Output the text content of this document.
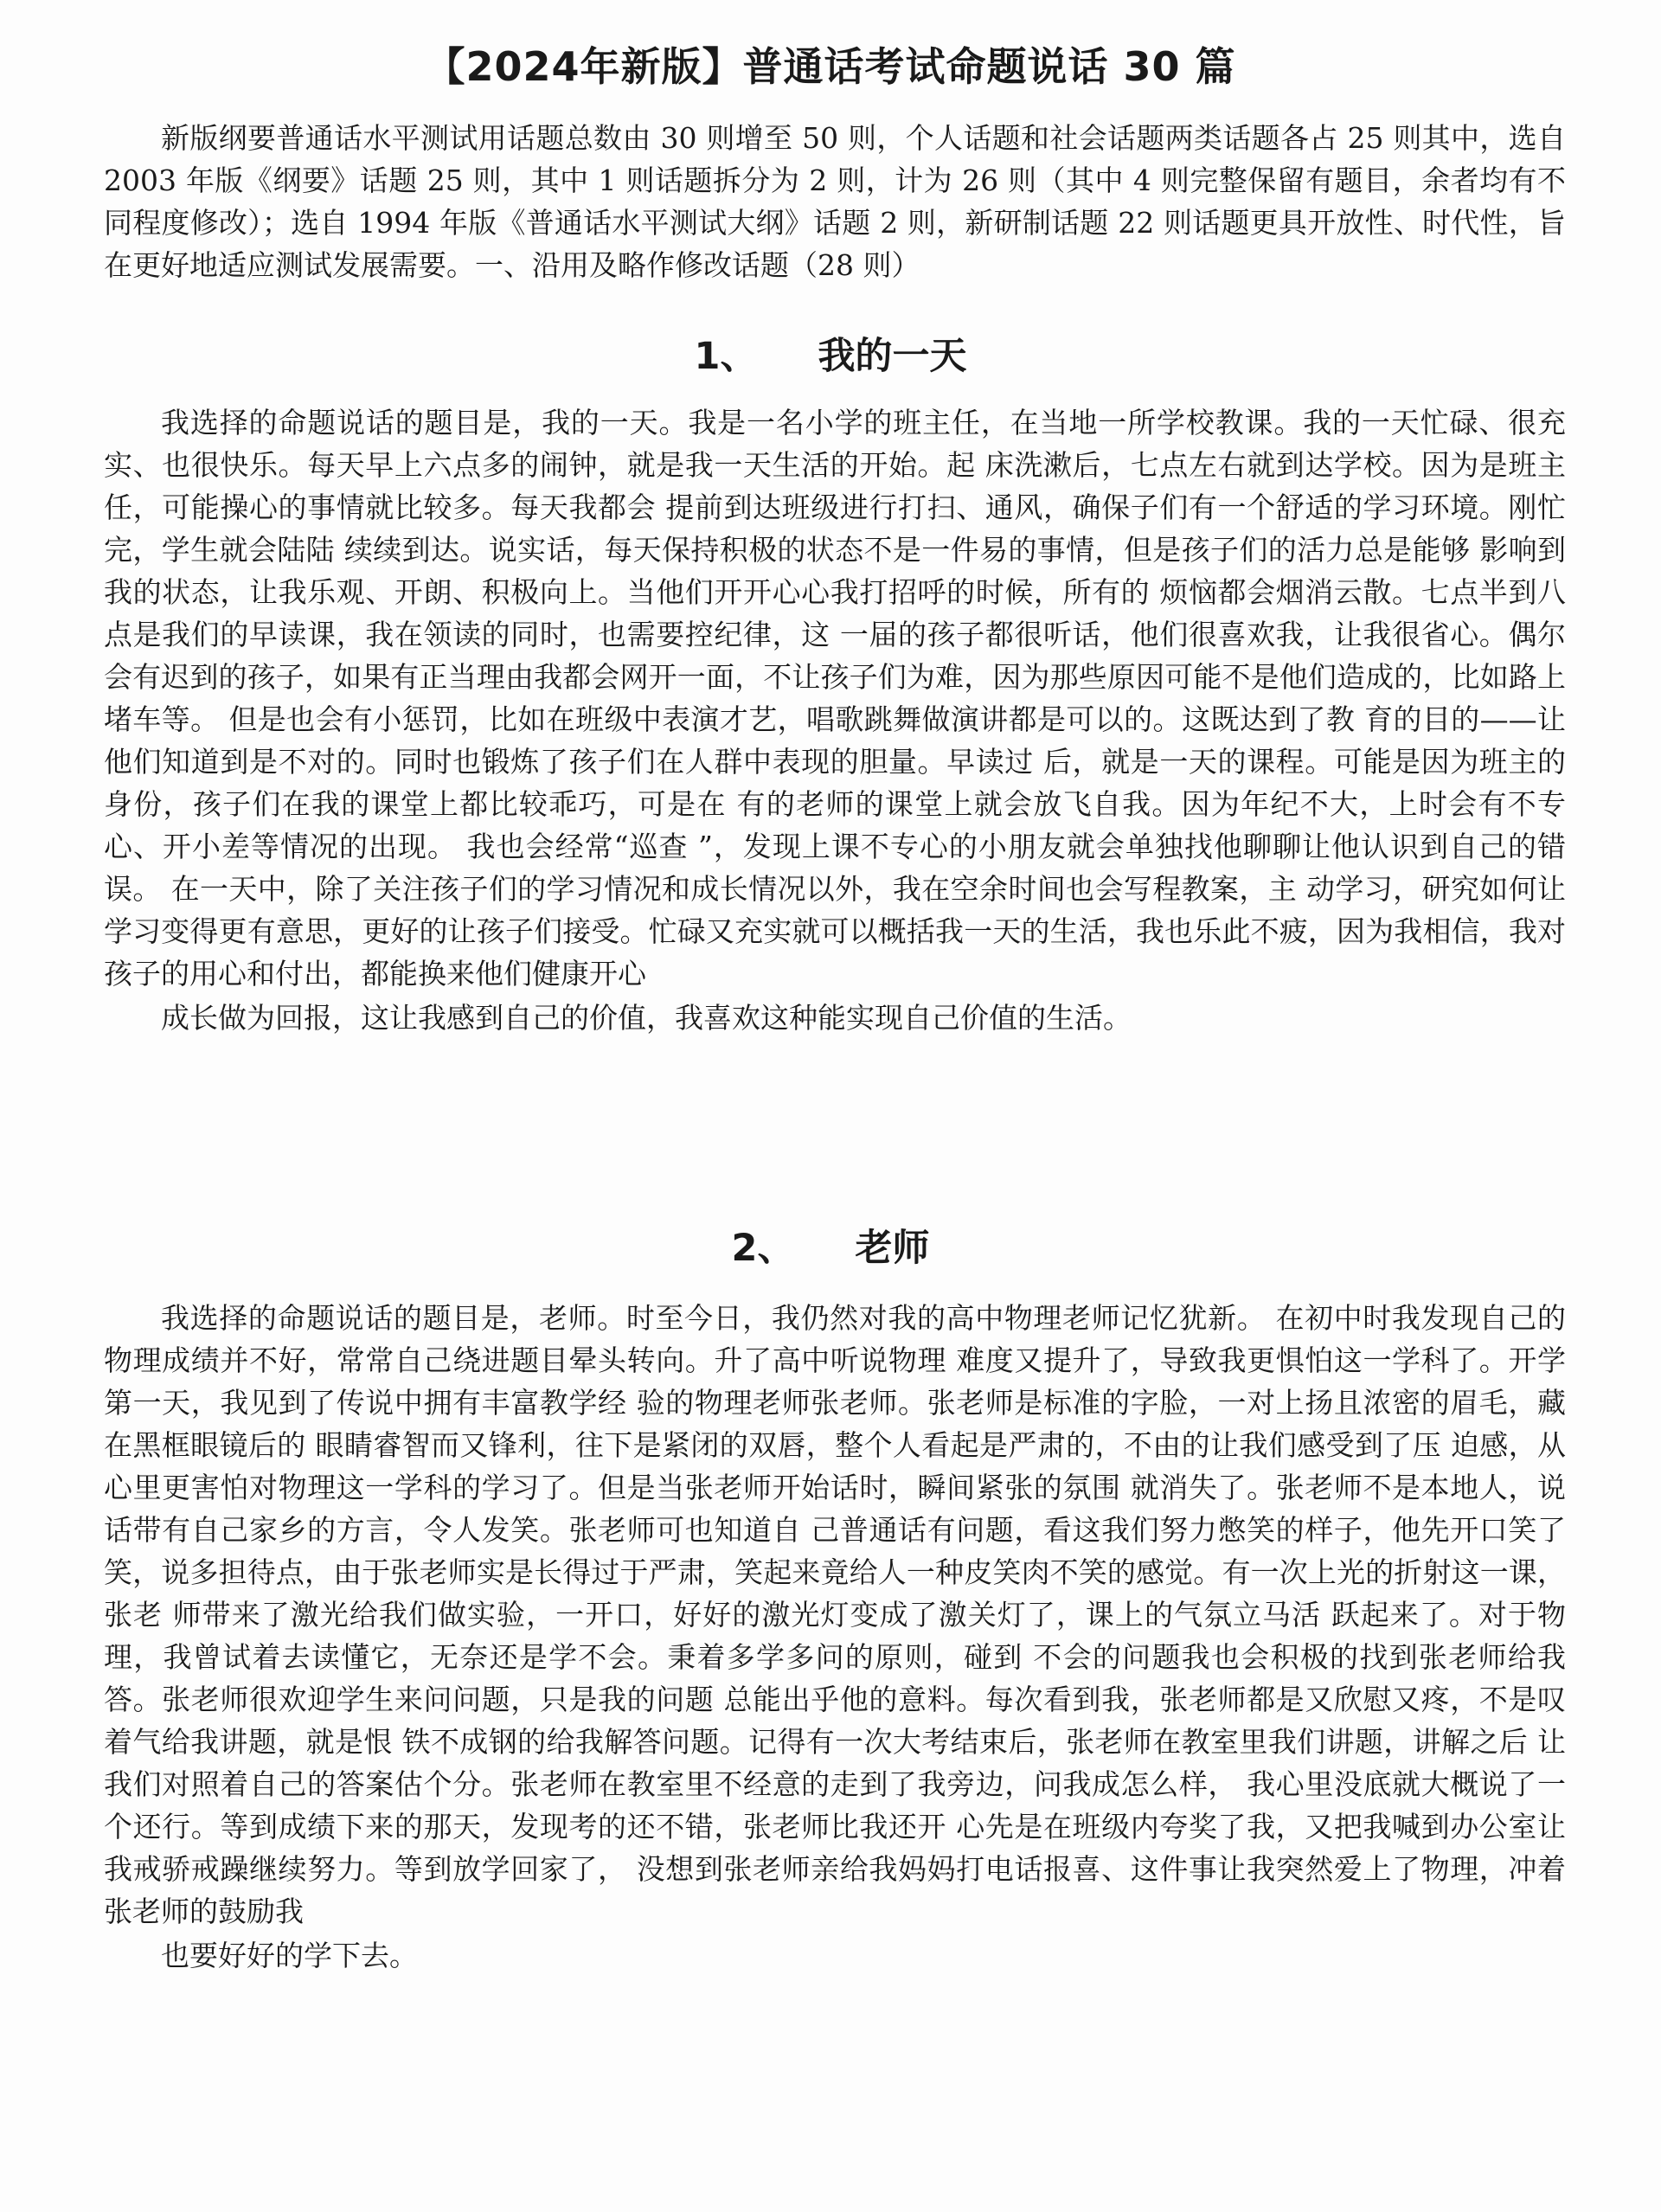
【2024年新版】普通话考试命题说话 30 篇

新版纲要普通话水平测试用话题总数由 30 则增至 50 则，个人话题和社会话题两类话题各占 25 则其中，选自 2003 年版《纲要》话题 25 则，其中 1 则话题拆分为 2 则，计为 26 则（其中 4 则完整保留有题目，余者均有不同程度修改）；选自 1994 年版《普通话水平测试大纲》话题 2 则，新研制话题 22 则话题更具开放性、时代性，旨在更好地适应测试发展需要。一、沿用及略作修改话题（28 则）

1、 我的一天

我选择的命题说话的题目是，我的一天。我是一名小学的班主任，在当地一所学校教课。我的一天忙碌、很充实、也很快乐。每天早上六点多的闹钟，就是我一天生活的开始。起 床洗漱后，七点左右就到达学校。因为是班主任，可能操心的事情就比较多。每天我都会 提前到达班级进行打扫、通风，确保子们有一个舒适的学习环境。刚忙完，学生就会陆陆 续续到达。说实话，每天保持积极的状态不是一件易的事情，但是孩子们的活力总是能够 影响到我的状态，让我乐观、开朗、积极向上。当他们开开心心我打招呼的时候，所有的 烦恼都会烟消云散。七点半到八点是我们的早读课，我在领读的同时，也需要控纪律，这 一届的孩子都很听话，他们很喜欢我，让我很省心。偶尔会有迟到的孩子，如果有正当理由我都会网开一面，不让孩子们为难，因为那些原因可能不是他们造成的，比如路上堵车等。 但是也会有小惩罚，比如在班级中表演才艺，唱歌跳舞做演讲都是可以的。这既达到了教 育的目的——让他们知道到是不对的。同时也锻炼了孩子们在人群中表现的胆量。早读过 后，就是一天的课程。可能是因为班主的身份，孩子们在我的课堂上都比较乖巧，可是在 有的老师的课堂上就会放飞自我。因为年纪不大，上时会有不专心、开小差等情况的出现。 我也会经常“巡查 ”，发现上课不专心的小朋友就会单独找他聊聊让他认识到自己的错误。 在一天中，除了关注孩子们的学习情况和成长情况以外，我在空余时间也会写程教案，主 动学习，研究如何让学习变得更有意思，更好的让孩子们接受。忙碌又充实就可以概括我一天的生活，我也乐此不疲，因为我相信，我对孩子的用心和付出，都能换来他们健康开心

成长做为回报，这让我感到自己的价值，我喜欢这种能实现自己价值的生活。

2、 老师

我选择的命题说话的题目是，老师。时至今日，我仍然对我的高中物理老师记忆犹新。 在初中时我发现自己的物理成绩并不好，常常自己绕进题目晕头转向。升了高中听说物理 难度又提升了，导致我更惧怕这一学科了。开学第一天，我见到了传说中拥有丰富教学经 验的物理老师张老师。张老师是标准的字脸，一对上扬且浓密的眉毛，藏在黑框眼镜后的 眼睛睿智而又锋利，往下是紧闭的双唇，整个人看起是严肃的，不由的让我们感受到了压 迫感，从心里更害怕对物理这一学科的学习了。但是当张老师开始话时，瞬间紧张的氛围 就消失了。张老师不是本地人，说话带有自己家乡的方言，令人发笑。张老师可也知道自 己普通话有问题，看这我们努力憋笑的样子，他先开口笑了笑，说多担待点，由于张老师实是长得过于严肃，笑起来竟给人一种皮笑肉不笑的感觉。有一次上光的折射这一课，张老 师带来了激光给我们做实验，一开口，好好的激光灯变成了激关灯了，课上的气氛立马活 跃起来了。对于物理，我曾试着去读懂它，无奈还是学不会。秉着多学多问的原则，碰到 不会的问题我也会积极的找到张老师给我答。张老师很欢迎学生来问问题，只是我的问题 总能出乎他的意料。每次看到我，张老师都是又欣慰又疼，不是叹着气给我讲题，就是恨 铁不成钢的给我解答问题。记得有一次大考结束后，张老师在教室里我们讲题，讲解之后 让我们对照着自己的答案估个分。张老师在教室里不经意的走到了我旁边，问我成怎么样， 我心里没底就大概说了一个还行。等到成绩下来的那天，发现考的还不错，张老师比我还开 心先是在班级内夸奖了我，又把我喊到办公室让我戒骄戒躁继续努力。等到放学回家了， 没想到张老师亲给我妈妈打电话报喜、这件事让我突然爱上了物理，冲着张老师的鼓励我

也要好好的学下去。
